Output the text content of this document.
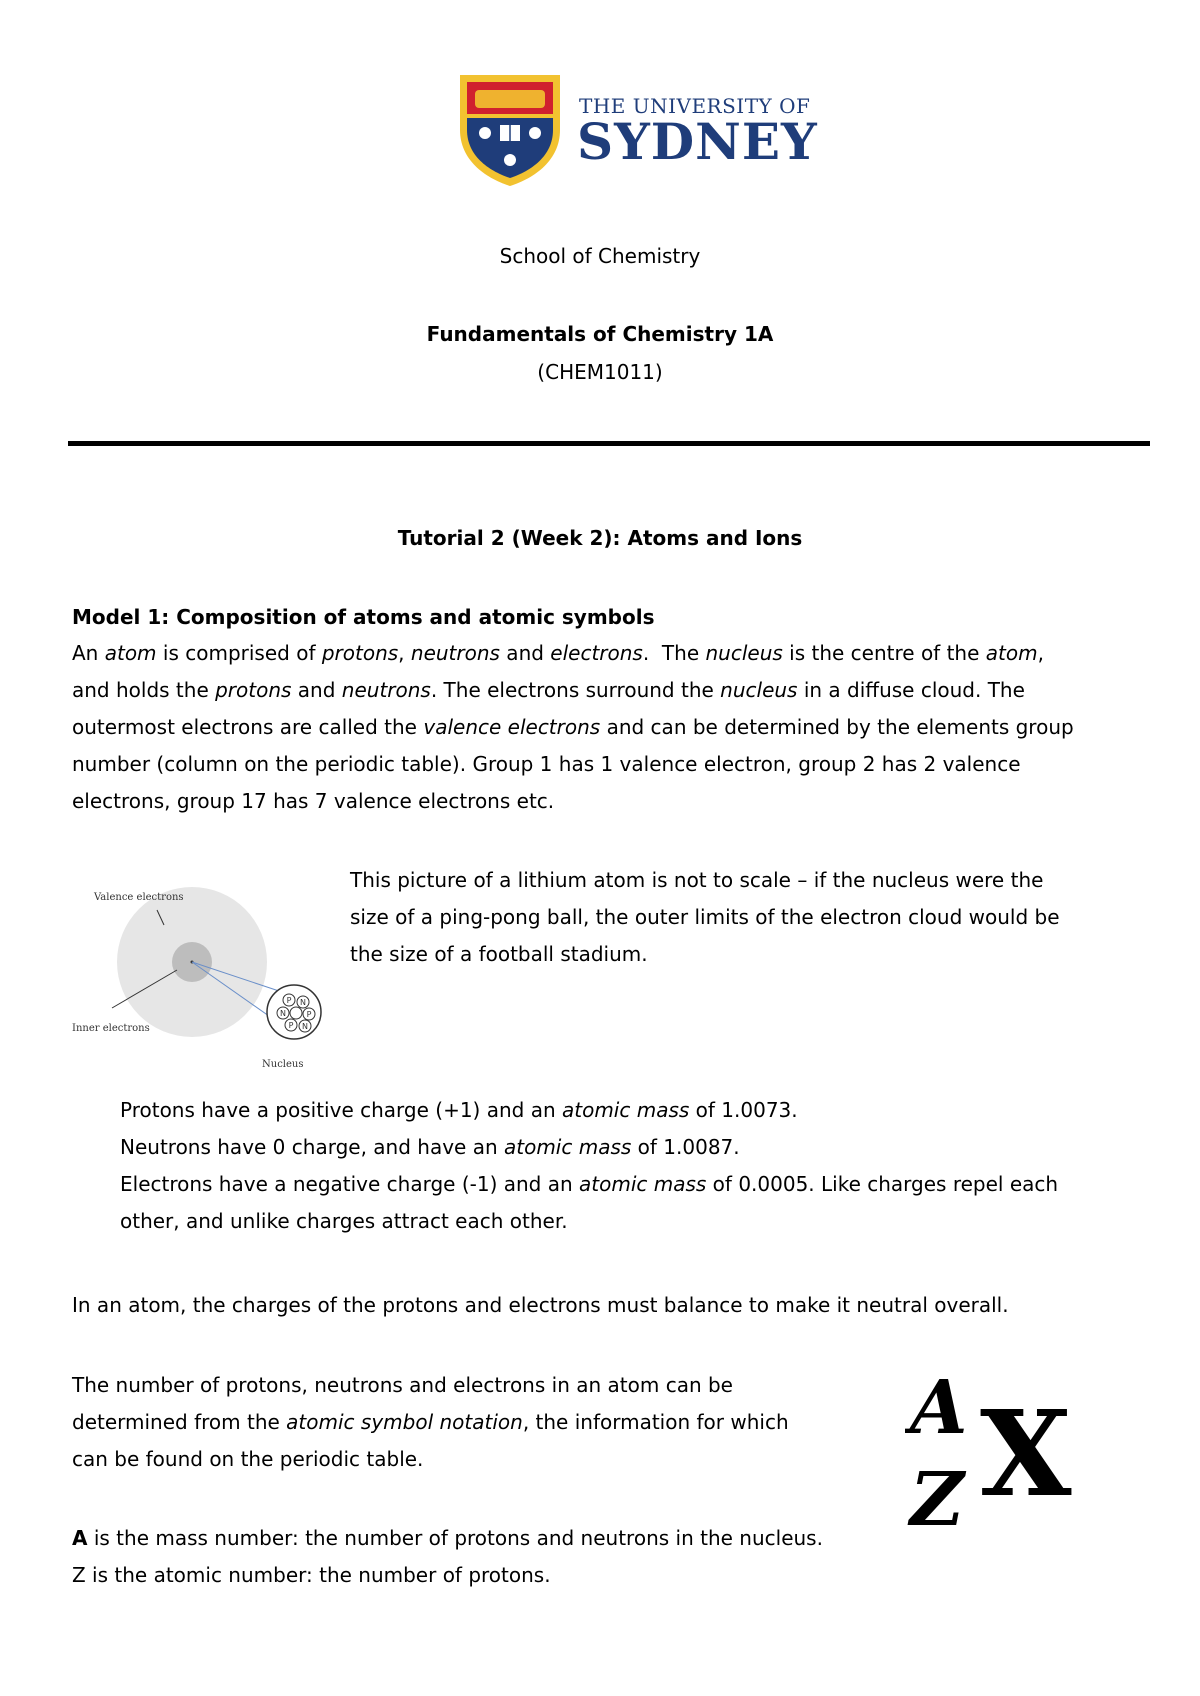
THE UNIVERSITY OF
SYDNEY
School of Chemistry
Fundamentals of Chemistry 1A
(CHEM1011)
Tutorial 2 (Week 2): Atoms and Ions
Model 1: Composition of atoms and atomic symbols
An atom is comprised of protons, neutrons and electrons.  The nucleus is the centre of the atom,
and holds the protons and neutrons. The electrons surround the nucleus in a diffuse cloud. The
outermost electrons are called the valence electrons and can be determined by the elements group
number (column on the periodic table). Group 1 has 1 valence electron, group 2 has 2 valence
electrons, group 17 has 7 valence electrons etc.
Valence electrons
Inner electrons
Nucleus
P N
N	P
P N
This picture of a lithium atom is not to scale – if the nucleus were the
size of a ping-pong ball, the outer limits of the electron cloud would be
the size of a football stadium.
Protons have a positive charge (+1) and an atomic mass of 1.0073.
Neutrons have 0 charge, and have an atomic mass of 1.0087.
Electrons have a negative charge (-1) and an atomic mass of 0.0005. Like charges repel each
other, and unlike charges attract each other.
In an atom, the charges of the protons and electrons must balance to make it neutral overall.
The number of protons, neutrons and electrons in an atom can be
determined from the atomic symbol notation, the information for which
can be found on the periodic table.
A
Z X
A is the mass number: the number of protons and neutrons in the nucleus.
Z is the atomic number: the number of protons.
